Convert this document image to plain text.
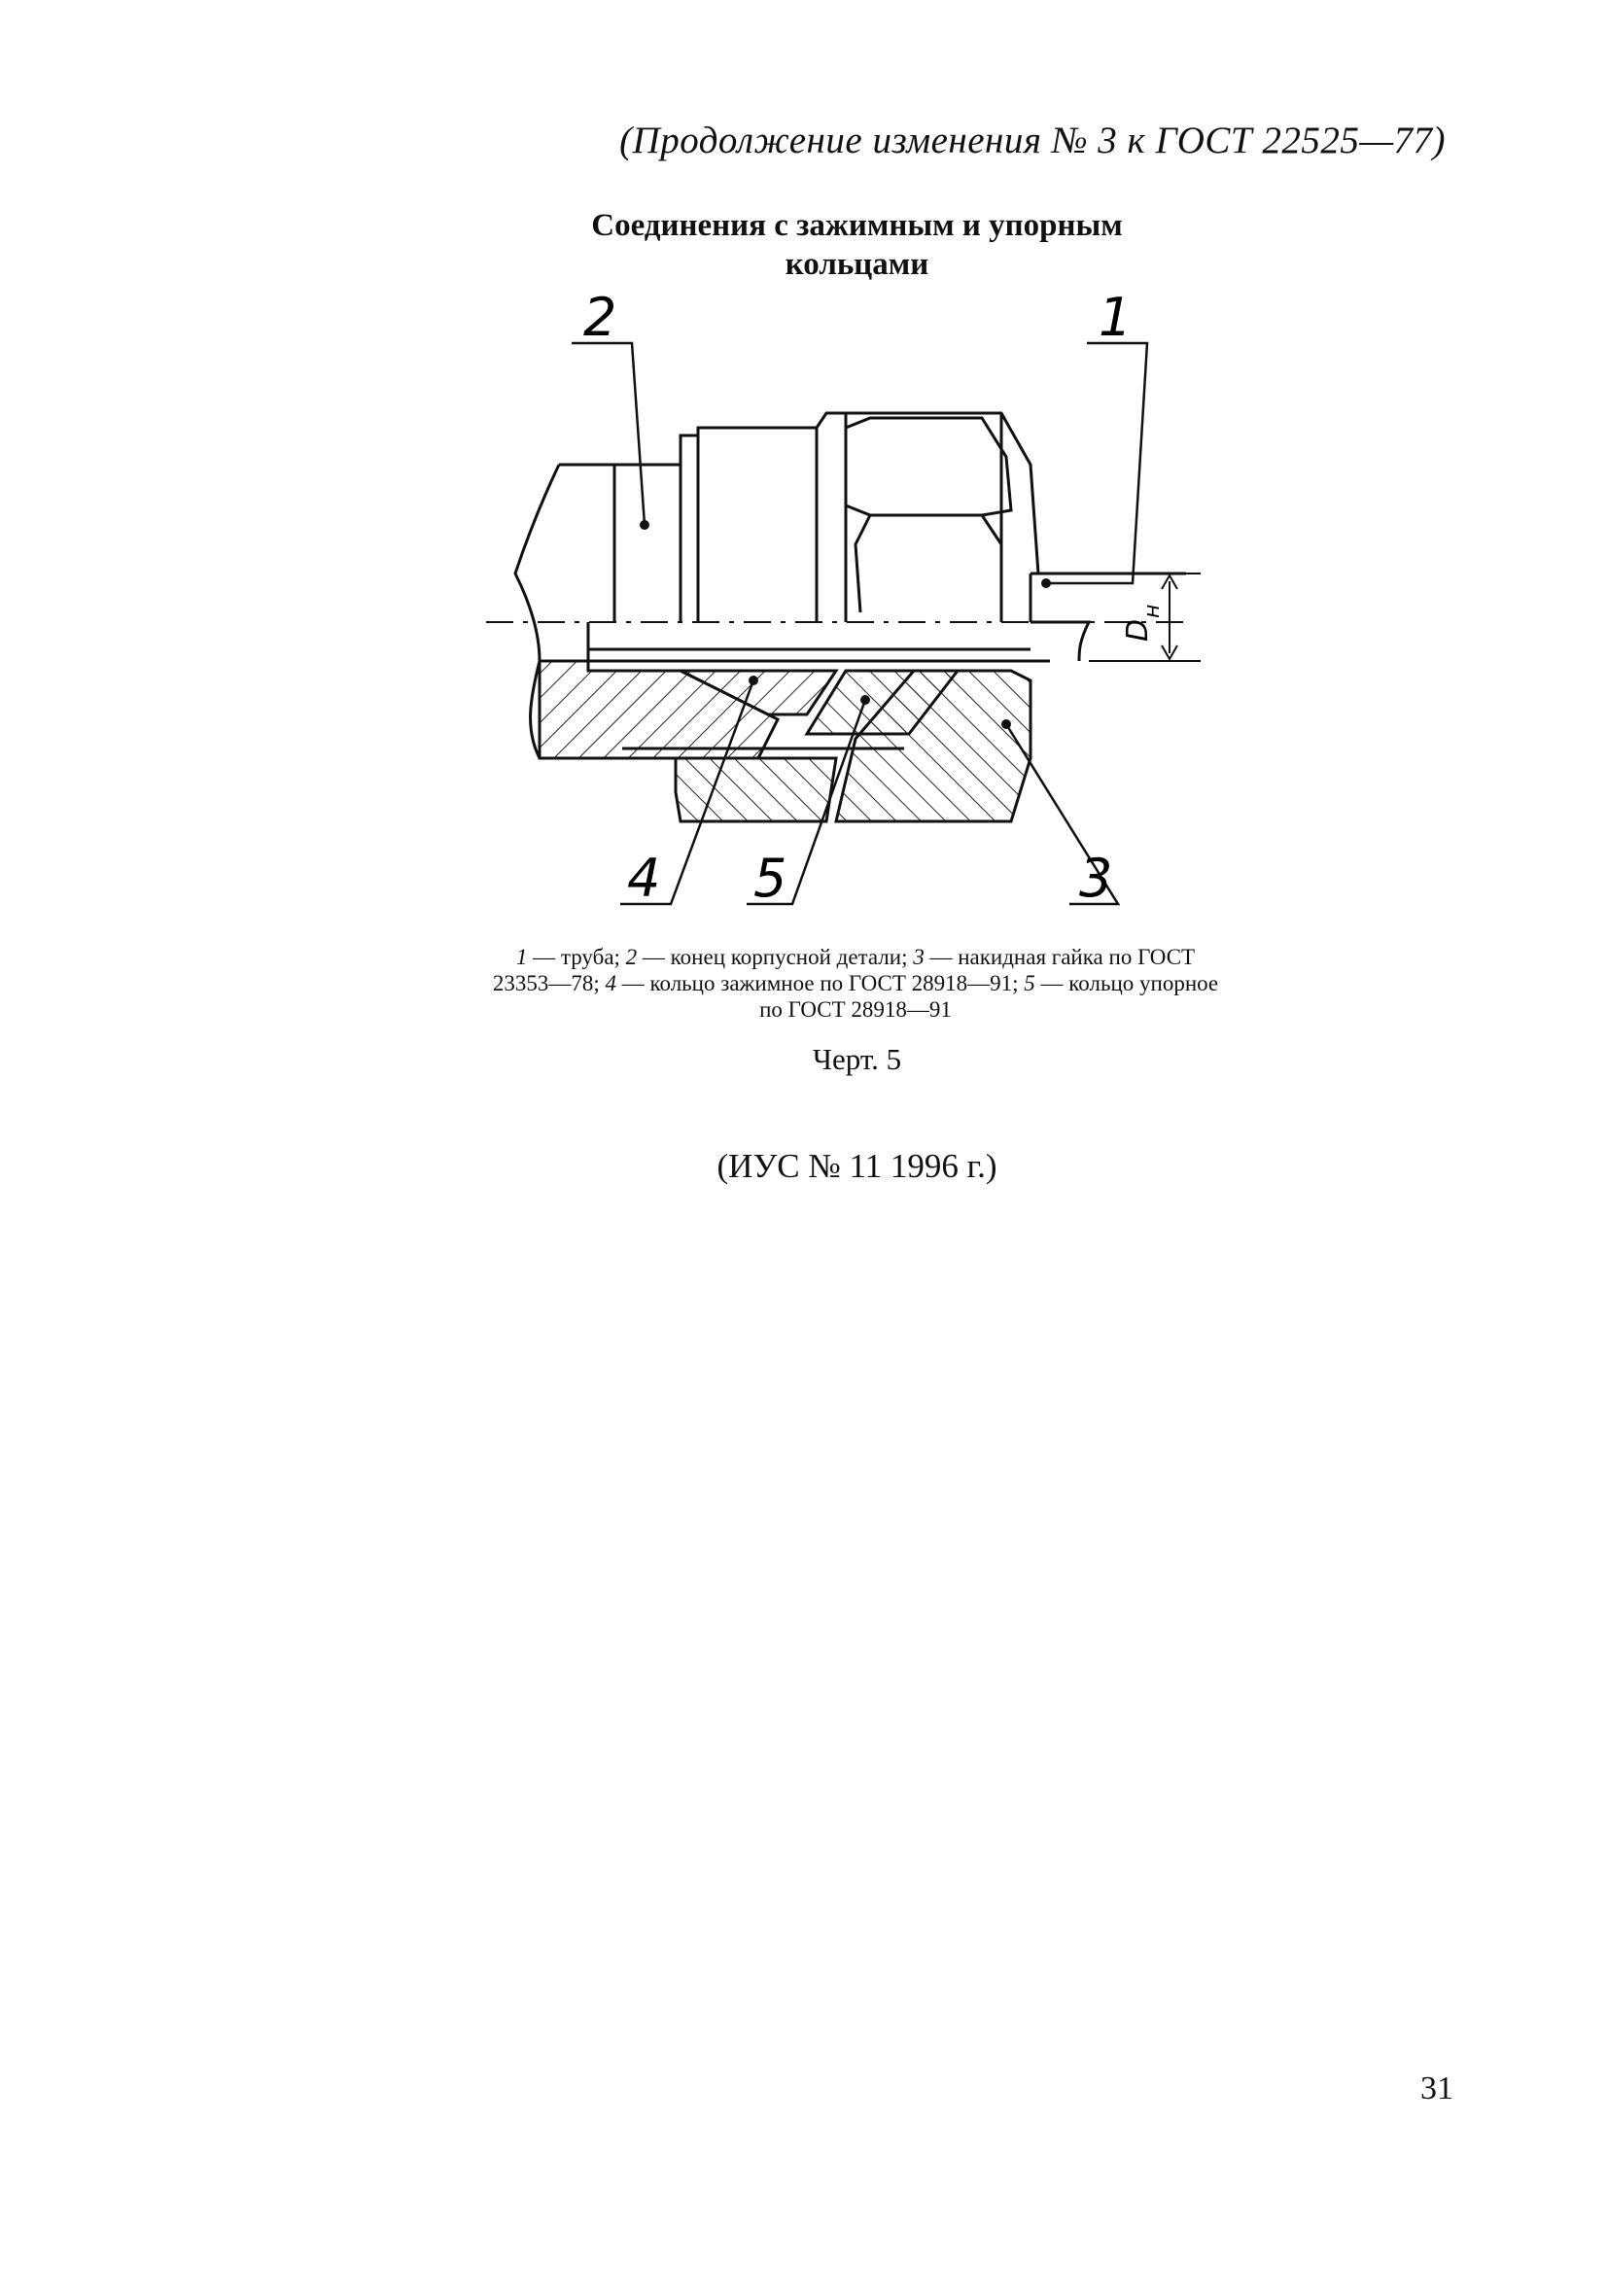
(Продолжение изменения № 3 к ГОСТ 22525—77)
Соединения с зажимным и упорным
кольцами
2	1
4 5	3
D
н
1 — труба; 2 — конец корпусной детали; 3 — накидная гайка по ГОСТ 23353—78; 4 — кольцо зажимное по ГОСТ 28918—91; 5 — кольцо упорное по ГОСТ 28918—91
Черт. 5
(ИУС № 11 1996 г.)
31
